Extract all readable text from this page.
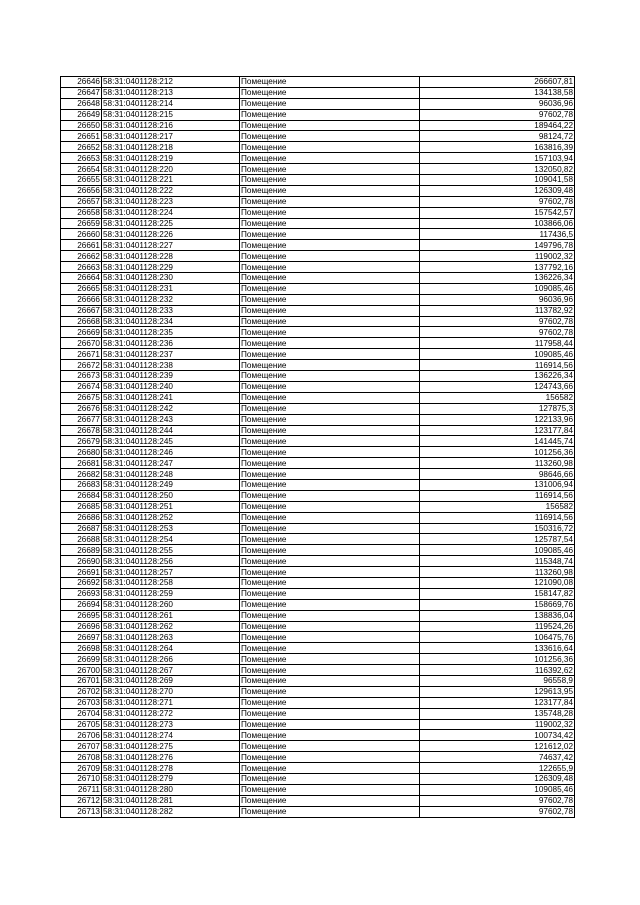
26646	58:31:0401128:212	Помещение	266607,81
26647	58:31:0401128:213	Помещение	134138,58
26648	58:31:0401128:214	Помещение	96036,96
26649	58:31:0401128:215	Помещение	97602,78
26650	58:31:0401128:216	Помещение	189464,22
26651	58:31:0401128:217	Помещение	98124,72
26652	58:31:0401128:218	Помещение	163816,39
26653	58:31:0401128:219	Помещение	157103,94
26654	58:31:0401128:220	Помещение	132050,82
26655	58:31:0401128:221	Помещение	109041,58
26656	58:31:0401128:222	Помещение	126309,48
26657	58:31:0401128:223	Помещение	97602,78
26658	58:31:0401128:224	Помещение	157542,57
26659	58:31:0401128:225	Помещение	103866,06
26660	58:31:0401128:226	Помещение	117436,5
26661	58:31:0401128:227	Помещение	149796,78
26662	58:31:0401128:228	Помещение	119002,32
26663	58:31:0401128:229	Помещение	137792,16
26664	58:31:0401128:230	Помещение	136226,34
26665	58:31:0401128:231	Помещение	109085,46
26666	58:31:0401128:232	Помещение	96036,96
26667	58:31:0401128:233	Помещение	113782,92
26668	58:31:0401128:234	Помещение	97602,78
26669	58:31:0401128:235	Помещение	97602,78
26670	58:31:0401128:236	Помещение	117958,44
26671	58:31:0401128:237	Помещение	109085,46
26672	58:31:0401128:238	Помещение	116914,56
26673	58:31:0401128:239	Помещение	136226,34
26674	58:31:0401128:240	Помещение	124743,66
26675	58:31:0401128:241	Помещение	156582
26676	58:31:0401128:242	Помещение	127875,3
26677	58:31:0401128:243	Помещение	122133,96
26678	58:31:0401128:244	Помещение	123177,84
26679	58:31:0401128:245	Помещение	141445,74
26680	58:31:0401128:246	Помещение	101256,36
26681	58:31:0401128:247	Помещение	113260,98
26682	58:31:0401128:248	Помещение	98646,66
26683	58:31:0401128:249	Помещение	131006,94
26684	58:31:0401128:250	Помещение	116914,56
26685	58:31:0401128:251	Помещение	156582
26686	58:31:0401128:252	Помещение	116914,56
26687	58:31:0401128:253	Помещение	150316,72
26688	58:31:0401128:254	Помещение	125787,54
26689	58:31:0401128:255	Помещение	109085,46
26690	58:31:0401128:256	Помещение	115348,74
26691	58:31:0401128:257	Помещение	113260,98
26692	58:31:0401128:258	Помещение	121090,08
26693	58:31:0401128:259	Помещение	158147,82
26694	58:31:0401128:260	Помещение	158669,76
26695	58:31:0401128:261	Помещение	138836,04
26696	58:31:0401128:262	Помещение	119524,26
26697	58:31:0401128:263	Помещение	106475,76
26698	58:31:0401128:264	Помещение	133616,64
26699	58:31:0401128:266	Помещение	101256,36
26700	58:31:0401128:267	Помещение	116392,62
26701	58:31:0401128:269	Помещение	96558,9
26702	58:31:0401128:270	Помещение	129613,95
26703	58:31:0401128:271	Помещение	123177,84
26704	58:31:0401128:272	Помещение	135748,28
26705	58:31:0401128:273	Помещение	119002,32
26706	58:31:0401128:274	Помещение	100734,42
26707	58:31:0401128:275	Помещение	121612,02
26708	58:31:0401128:276	Помещение	74637,42
26709	58:31:0401128:278	Помещение	122655,9
26710	58:31:0401128:279	Помещение	126309,48
26711	58:31:0401128:280	Помещение	109085,46
26712	58:31:0401128:281	Помещение	97602,78
26713	58:31:0401128:282	Помещение	97602,78
